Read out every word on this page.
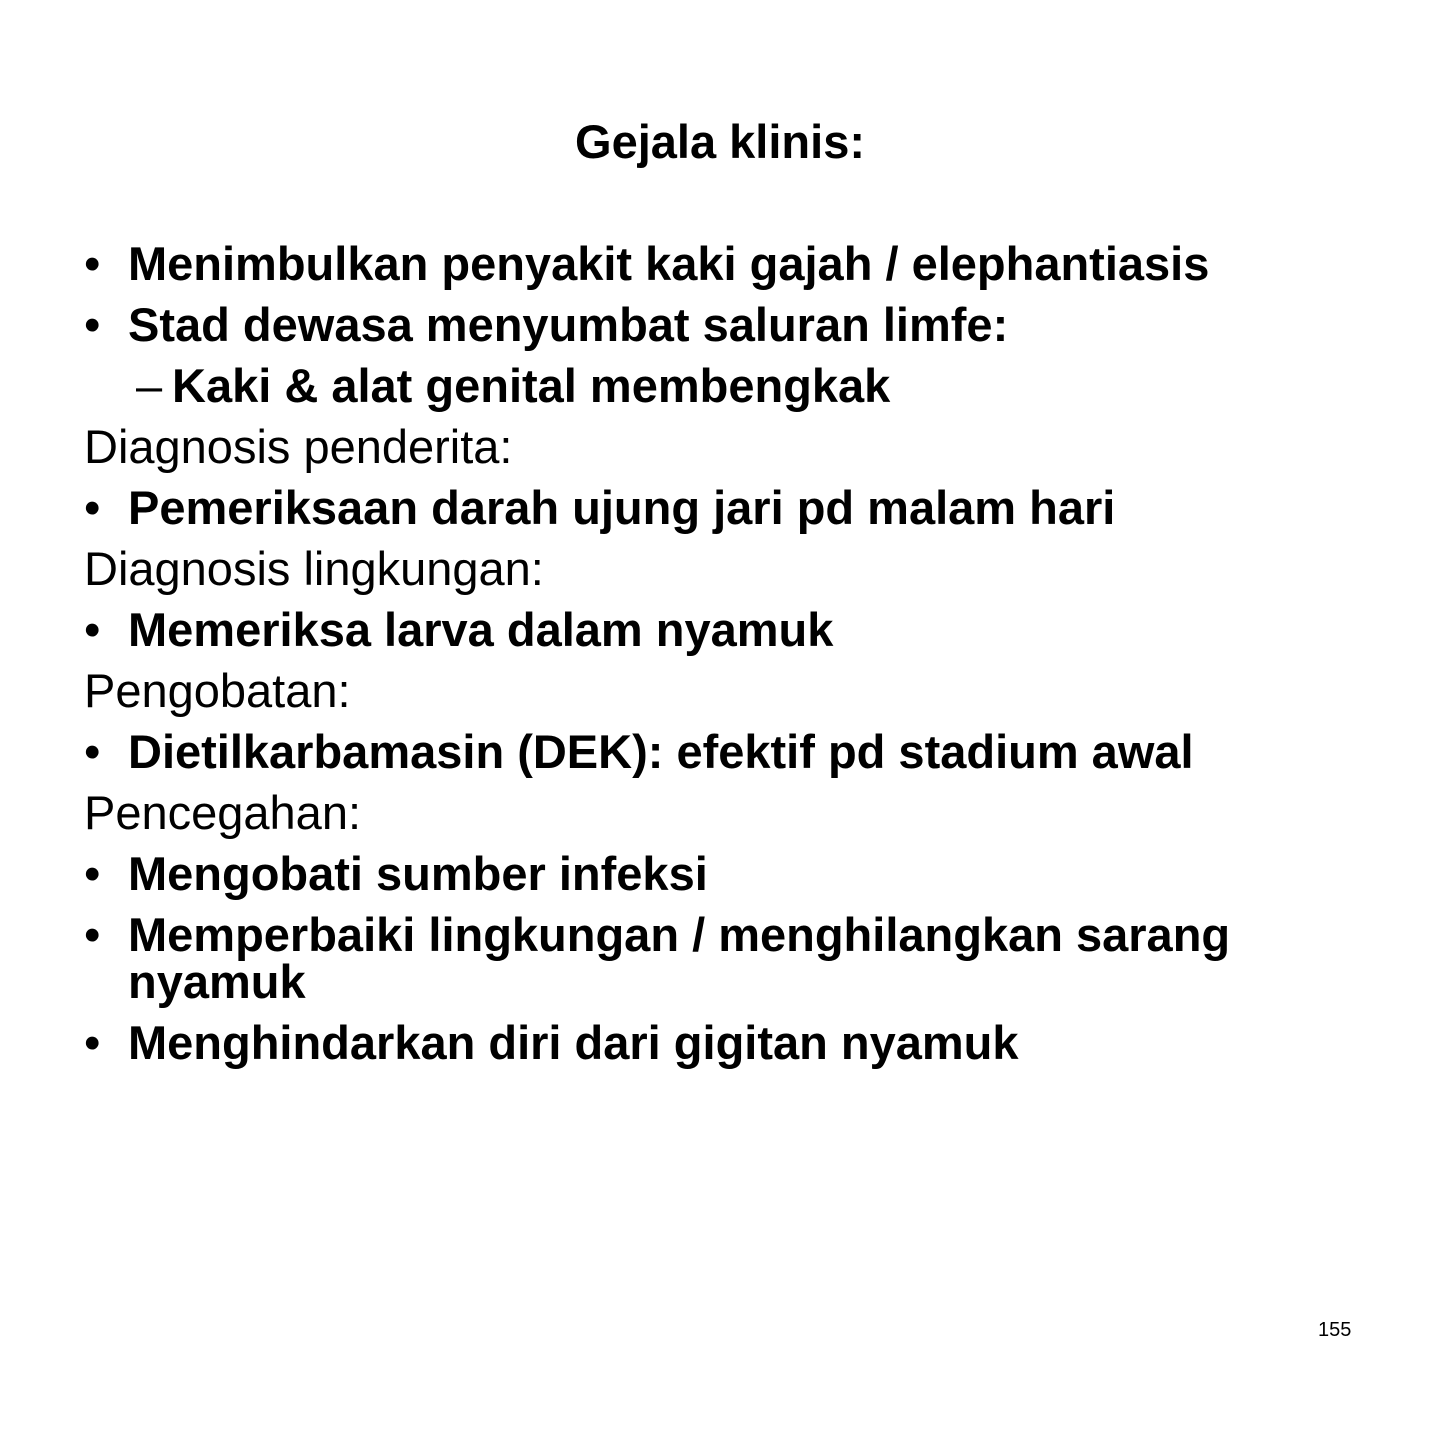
Gejala klinis:
• Menimbulkan penyakit kaki gajah / elephantiasis
• Stad dewasa menyumbat saluran limfe:
– Kaki & alat genital membengkak
Diagnosis penderita:
• Pemeriksaan darah ujung jari pd malam hari
Diagnosis lingkungan:
• Memeriksa larva dalam nyamuk
Pengobatan:
• Dietilkarbamasin (DEK): efektif pd stadium awal
Pencegahan:
• Mengobati sumber infeksi
• Memperbaiki lingkungan / menghilangkan sarang
nyamuk
• Menghindarkan diri dari gigitan nyamuk
155
